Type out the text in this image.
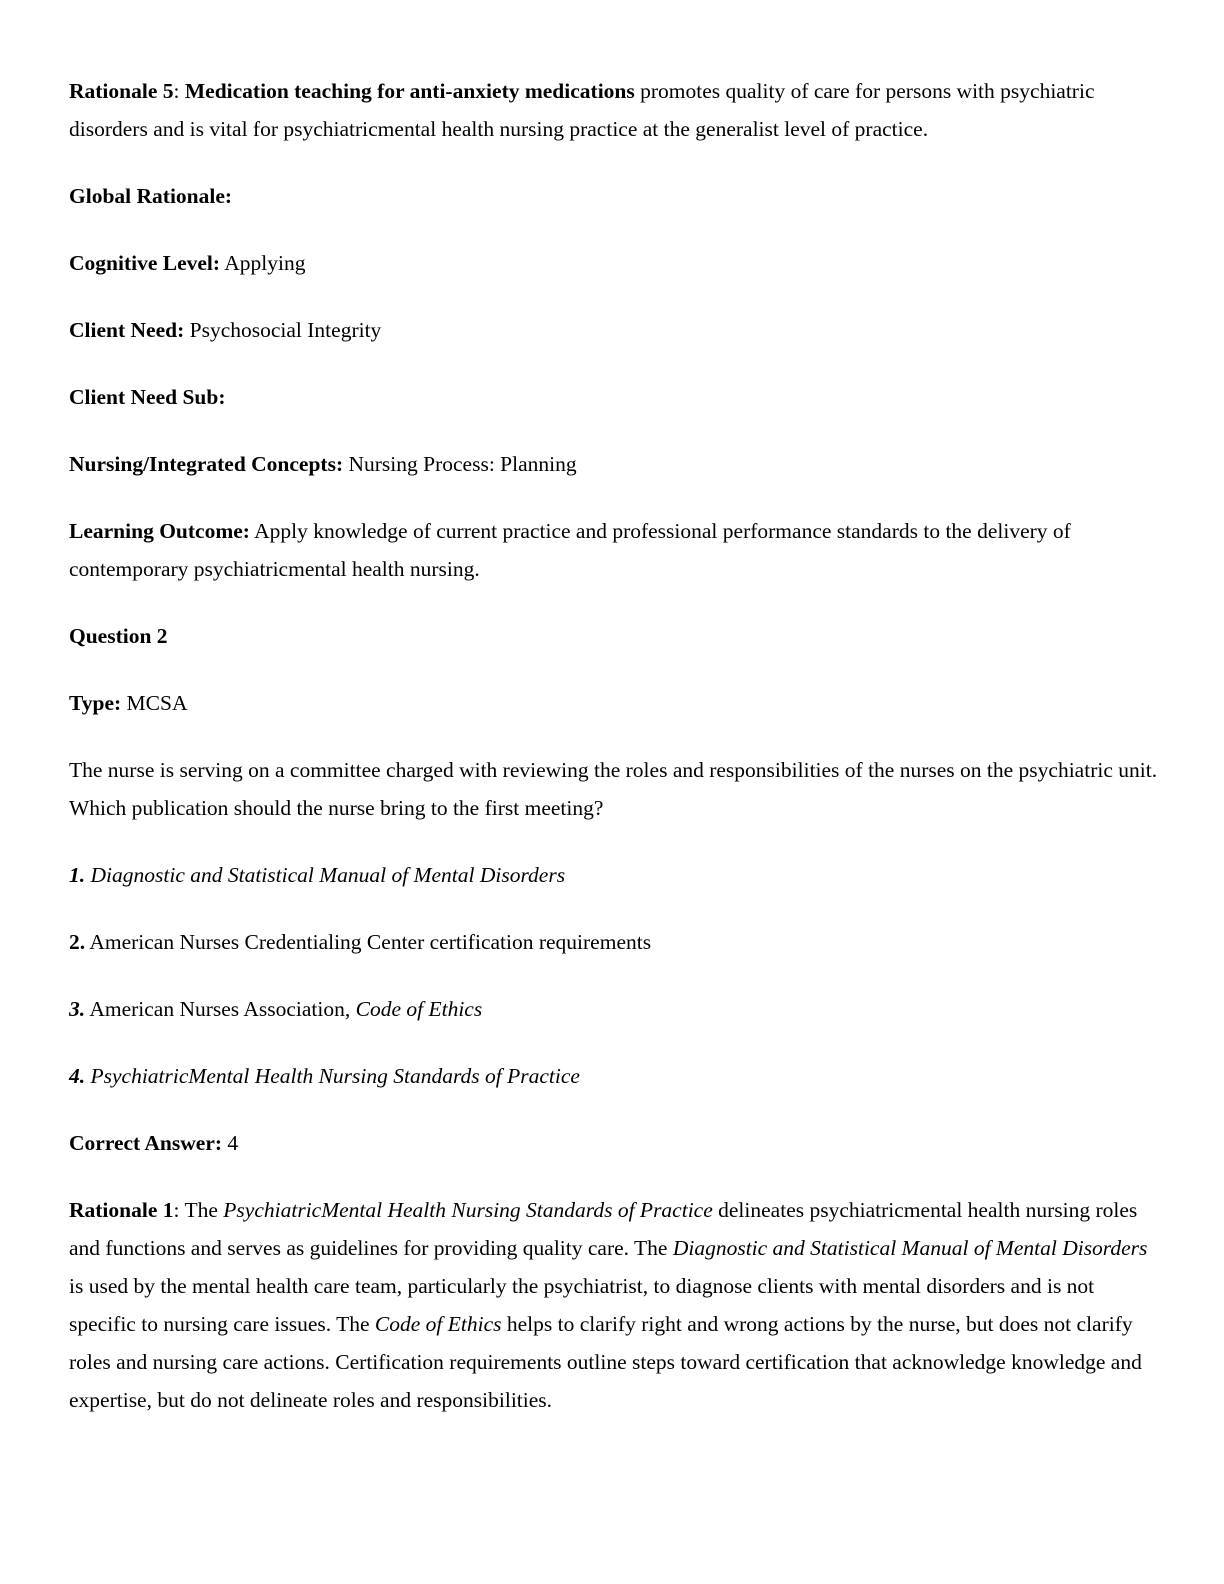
Rationale 5: Medication teaching for anti-anxiety medications promotes quality of care for persons with psychiatric disorders and is vital for psychiatricmental health nursing practice at the generalist level of practice.

Global Rationale:

Cognitive Level: Applying

Client Need: Psychosocial Integrity

Client Need Sub:

Nursing/Integrated Concepts: Nursing Process: Planning

Learning Outcome: Apply knowledge of current practice and professional performance standards to the delivery of contemporary psychiatricmental health nursing.

Question 2

Type: MCSA

The nurse is serving on a committee charged with reviewing the roles and responsibilities of the nurses on the psychiatric unit. Which publication should the nurse bring to the first meeting?

1. Diagnostic and Statistical Manual of Mental Disorders

2. American Nurses Credentialing Center certification requirements

3. American Nurses Association, Code of Ethics

4. PsychiatricMental Health Nursing Standards of Practice

Correct Answer: 4

Rationale 1: The PsychiatricMental Health Nursing Standards of Practice delineates psychiatricmental health nursing roles and functions and serves as guidelines for providing quality care. The Diagnostic and Statistical Manual of Mental Disorders is used by the mental health care team, particularly the psychiatrist, to diagnose clients with mental disorders and is not specific to nursing care issues. The Code of Ethics helps to clarify right and wrong actions by the nurse, but does not clarify roles and nursing care actions. Certification requirements outline steps toward certification that acknowledge knowledge and expertise, but do not delineate roles and responsibilities.
